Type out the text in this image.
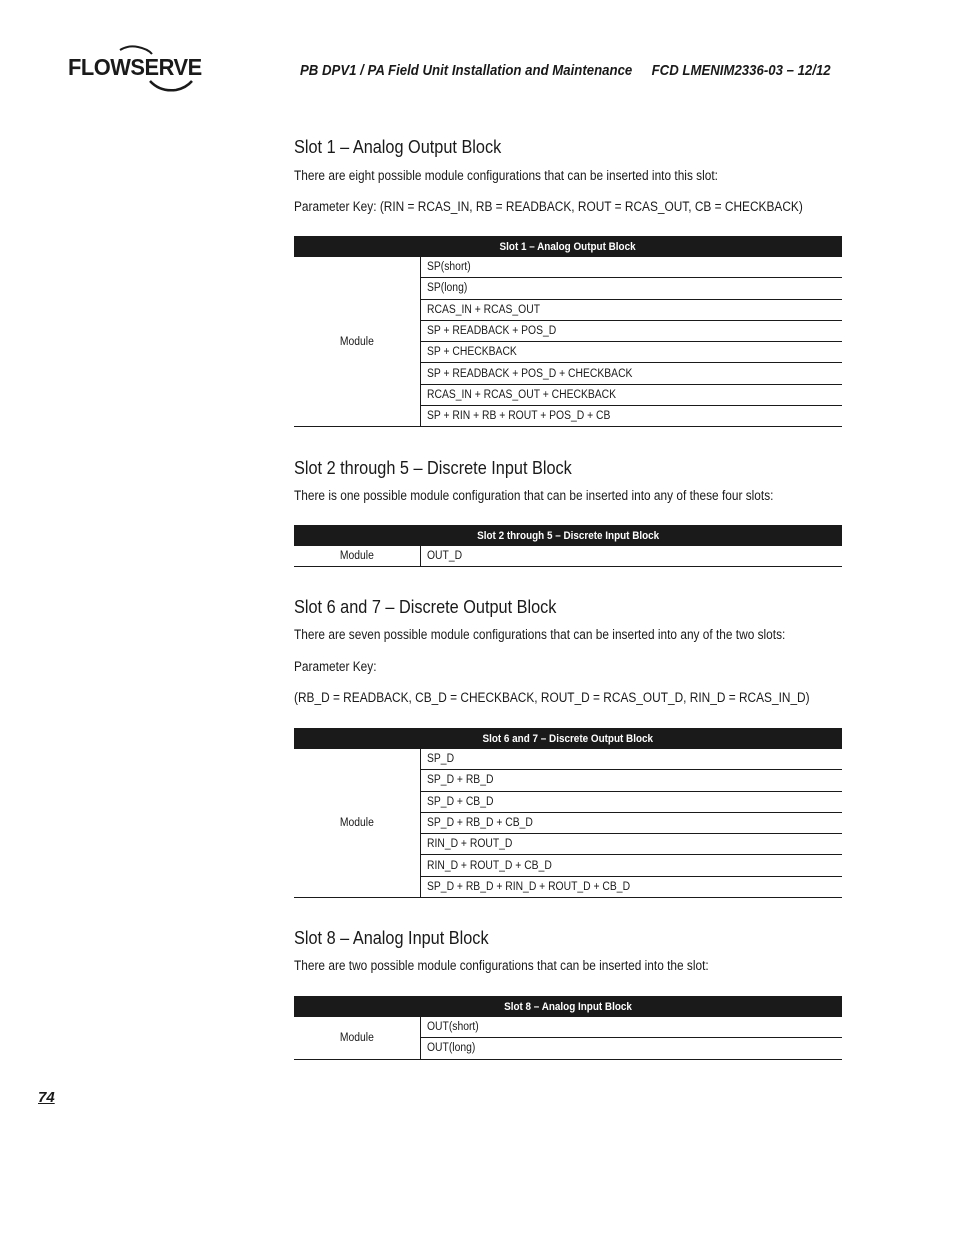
FLOWSERVE	PB DPV1 / PA Field Unit Installation and Maintenance FCD LMENIM2336-03 – 12/12
Slot 1 – Analog Output Block
There are eight possible module configurations that can be inserted into this slot:
Parameter Key: (RIN = RCAS_IN, RB = READBACK, ROUT = RCAS_OUT, CB = CHECKBACK)
Slot 1 – Analog Output Block
Module	SP(short)
SP(long)
RCAS_IN + RCAS_OUT
SP + READBACK + POS_D
SP + CHECKBACK
SP + READBACK + POS_D + CHECKBACK
RCAS_IN + RCAS_OUT + CHECKBACK
SP + RIN + RB + ROUT + POS_D + CB
Slot 2 through 5 – Discrete Input Block
There is one possible module configuration that can be inserted into any of these four slots:
Slot 2 through 5 – Discrete Input Block
Module	OUT_D
Slot 6 and 7 – Discrete Output Block
There are seven possible module configurations that can be inserted into any of the two slots:
Parameter Key:
(RB_D = READBACK, CB_D = CHECKBACK, ROUT_D = RCAS_OUT_D, RIN_D = RCAS_IN_D)
Slot 6 and 7 – Discrete Output Block
Module	SP_D
SP_D + RB_D
SP_D + CB_D
SP_D + RB_D + CB_D
RIN_D + ROUT_D
RIN_D + ROUT_D + CB_D
SP_D + RB_D + RIN_D + ROUT_D + CB_D
Slot 8 – Analog Input Block
There are two possible module configurations that can be inserted into the slot:
Slot 8 – Analog Input Block
Module	OUT(short)
OUT(long)
74
